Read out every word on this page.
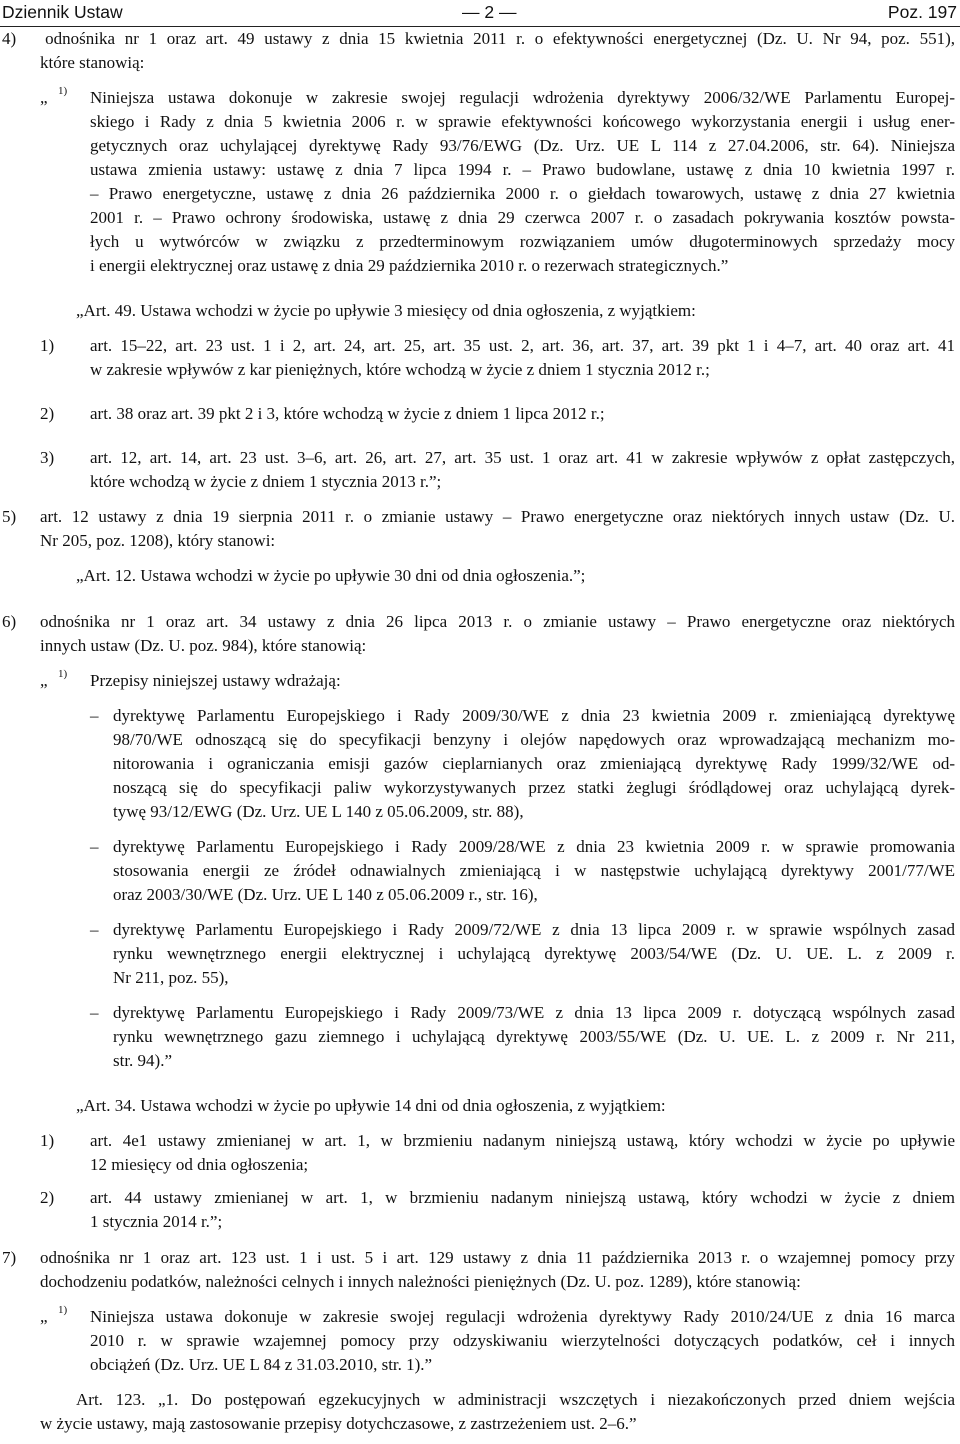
Dziennik Ustaw	— 2 —	Poz. 197
4)   odnośnika nr 1 oraz art. 49 ustawy z dnia 15 kwietnia 2011 r. o efektywności energetycznej (Dz. U. Nr 94, poz. 551),
które stanowią:
„ 1) Niniejsza ustawa dokonuje w zakresie swojej regulacji wdrożenia dyrektywy 2006/32/WE Parlamentu Europej-
skiego i Rady z dnia 5 kwietnia 2006 r. w sprawie efektywności końcowego wykorzystania energii i usług ener-
getycznych oraz uchylającej dyrektywę Rady 93/76/EWG (Dz. Urz. UE L 114 z 27.04.2006, str. 64). Niniejsza
ustawa zmienia ustawy: ustawę z dnia 7 lipca 1994 r. – Prawo budowlane, ustawę z dnia 10 kwietnia 1997 r.
– Prawo energetyczne, ustawę z dnia 26 października 2000 r. o giełdach towarowych, ustawę z dnia 27 kwietnia
2001 r. – Prawo ochrony środowiska, ustawę z dnia 29 czerwca 2007 r. o zasadach pokrywania kosztów powsta-
łych u wytwórców w związku z przedterminowym rozwiązaniem umów długoterminowych sprzedaży mocy
i energii elektrycznej oraz ustawę z dnia 29 października 2010 r. o rezerwach strategicznych.”
„Art. 49. Ustawa wchodzi w życie po upływie 3 miesięcy od dnia ogłoszenia, z wyjątkiem:
1) art. 15–22, art. 23 ust. 1 i 2, art. 24, art. 25, art. 35 ust. 2, art. 36, art. 37, art. 39 pkt 1 i 4–7, art. 40 oraz art. 41
w zakresie wpływów z kar pieniężnych, które wchodzą w życie z dniem 1 stycznia 2012 r.;
2) art. 38 oraz art. 39 pkt 2 i 3, które wchodzą w życie z dniem 1 lipca 2012 r.;
3) art. 12, art. 14, art. 23 ust. 3–6, art. 26, art. 27, art. 35 ust. 1 oraz art. 41 w zakresie wpływów z opłat zastępczych,
które wchodzą w życie z dniem 1 stycznia 2013 r.”;
5) art. 12 ustawy z dnia 19 sierpnia 2011 r. o zmianie ustawy – Prawo energetyczne oraz niektórych innych ustaw (Dz. U.
Nr 205, poz. 1208), który stanowi:
„Art. 12. Ustawa wchodzi w życie po upływie 30 dni od dnia ogłoszenia.”;
6) odnośnika nr 1 oraz art. 34 ustawy z dnia 26 lipca 2013 r. o zmianie ustawy – Prawo energetyczne oraz niektórych
innych ustaw (Dz. U. poz. 984), które stanowią:
„ 1) Przepisy niniejszej ustawy wdrażają:
– dyrektywę Parlamentu Europejskiego i Rady 2009/30/WE z dnia 23 kwietnia 2009 r. zmieniającą dyrektywę
98/70/WE odnoszącą się do specyfikacji benzyny i olejów napędowych oraz wprowadzającą mechanizm mo-
nitorowania i ograniczania emisji gazów cieplarnianych oraz zmieniającą dyrektywę Rady 1999/32/WE od-
noszącą się do specyfikacji paliw wykorzystywanych przez statki żeglugi śródlądowej oraz uchylającą dyrek-
tywę 93/12/EWG (Dz. Urz. UE L 140 z 05.06.2009, str. 88),
– dyrektywę Parlamentu Europejskiego i Rady 2009/28/WE z dnia 23 kwietnia 2009 r. w sprawie promowania
stosowania energii ze źródeł odnawialnych zmieniającą i w następstwie uchylającą dyrektywy 2001/77/WE
oraz 2003/30/WE (Dz. Urz. UE L 140 z 05.06.2009 r., str. 16),
– dyrektywę Parlamentu Europejskiego i Rady 2009/72/WE z dnia 13 lipca 2009 r. w sprawie wspólnych zasad
rynku wewnętrznego energii elektrycznej i uchylającą dyrektywę 2003/54/WE (Dz. U. UE. L. z 2009 r.
Nr 211, poz. 55),
– dyrektywę Parlamentu Europejskiego i Rady 2009/73/WE z dnia 13 lipca 2009 r. dotyczącą wspólnych zasad
rynku wewnętrznego gazu ziemnego i uchylającą dyrektywę 2003/55/WE (Dz. U. UE. L. z 2009 r. Nr 211,
str. 94).”
„Art. 34. Ustawa wchodzi w życie po upływie 14 dni od dnia ogłoszenia, z wyjątkiem:
1) art. 4e1 ustawy zmienianej w art. 1, w brzmieniu nadanym niniejszą ustawą, który wchodzi w życie po upływie
12 miesięcy od dnia ogłoszenia;
2) art. 44 ustawy zmienianej w art. 1, w brzmieniu nadanym niniejszą ustawą, który wchodzi w życie z dniem
1 stycznia 2014 r.”;
7) odnośnika nr 1 oraz art. 123 ust. 1 i ust. 5 i art. 129 ustawy z dnia 11 października 2013 r. o wzajemnej pomocy przy
dochodzeniu podatków, należności celnych i innych należności pieniężnych (Dz. U. poz. 1289), które stanowią:
„ 1) Niniejsza ustawa dokonuje w zakresie swojej regulacji wdrożenia dyrektywy Rady 2010/24/UE z dnia 16 marca
2010 r. w sprawie wzajemnej pomocy przy odzyskiwaniu wierzytelności dotyczących podatków, ceł i innych
obciążeń (Dz. Urz. UE L 84 z 31.03.2010, str. 1).”
Art. 123. „1. Do postępowań egzekucyjnych w administracji wszczętych i niezakończonych przed dniem wejścia
w życie ustawy, mają zastosowanie przepisy dotychczasowe, z zastrzeżeniem ust. 2–6.”
